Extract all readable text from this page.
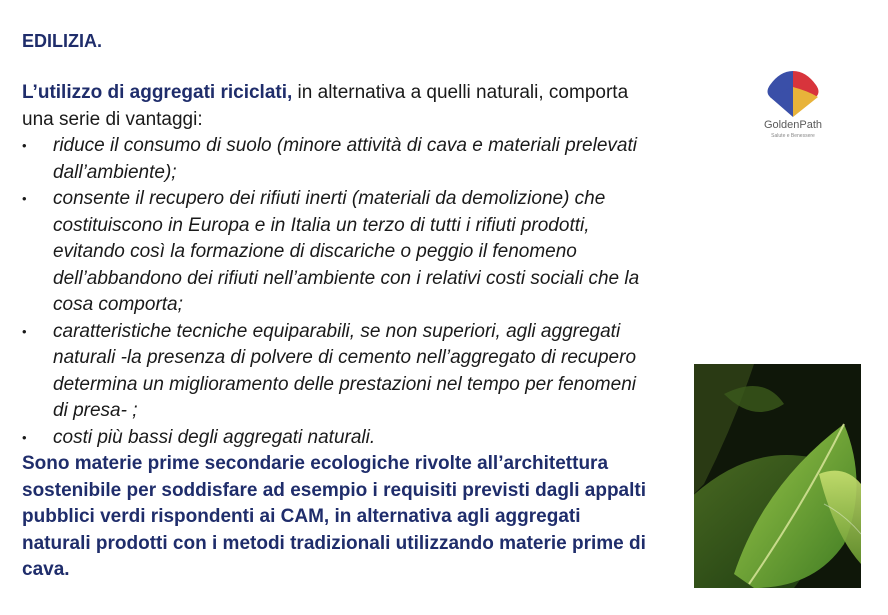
EDILIZIA.
L’utilizzo di aggregati riciclati, in alternativa a quelli naturali, comporta una serie di vantaggi:
• riduce il consumo di suolo (minore attività di cava e materiali prelevati dall’ambiente);
• consente il recupero dei rifiuti inerti (materiali da demolizione) che costituiscono in Europa e in Italia un terzo di tutti i rifiuti prodotti, evitando così la formazione di discariche o peggio il fenomeno dell’abbandono dei rifiuti nell’ambiente con i relativi costi sociali che la cosa comporta;
• caratteristiche tecniche equiparabili, se non superiori, agli aggregati naturali -la presenza di polvere di cemento nell’aggregato di recupero determina un miglioramento delle prestazioni nel tempo per fenomeni di presa- ;
• costi più bassi degli aggregati naturali.
Sono materie prime secondarie ecologiche rivolte all’architettura sostenibile per soddisfare ad esempio i requisiti previsti dagli appalti pubblici verdi rispondenti ai CAM, in alternativa agli aggregati naturali prodotti con i metodi tradizionali utilizzando materie prime di cava.
GoldenPath
Salute e Benessere
